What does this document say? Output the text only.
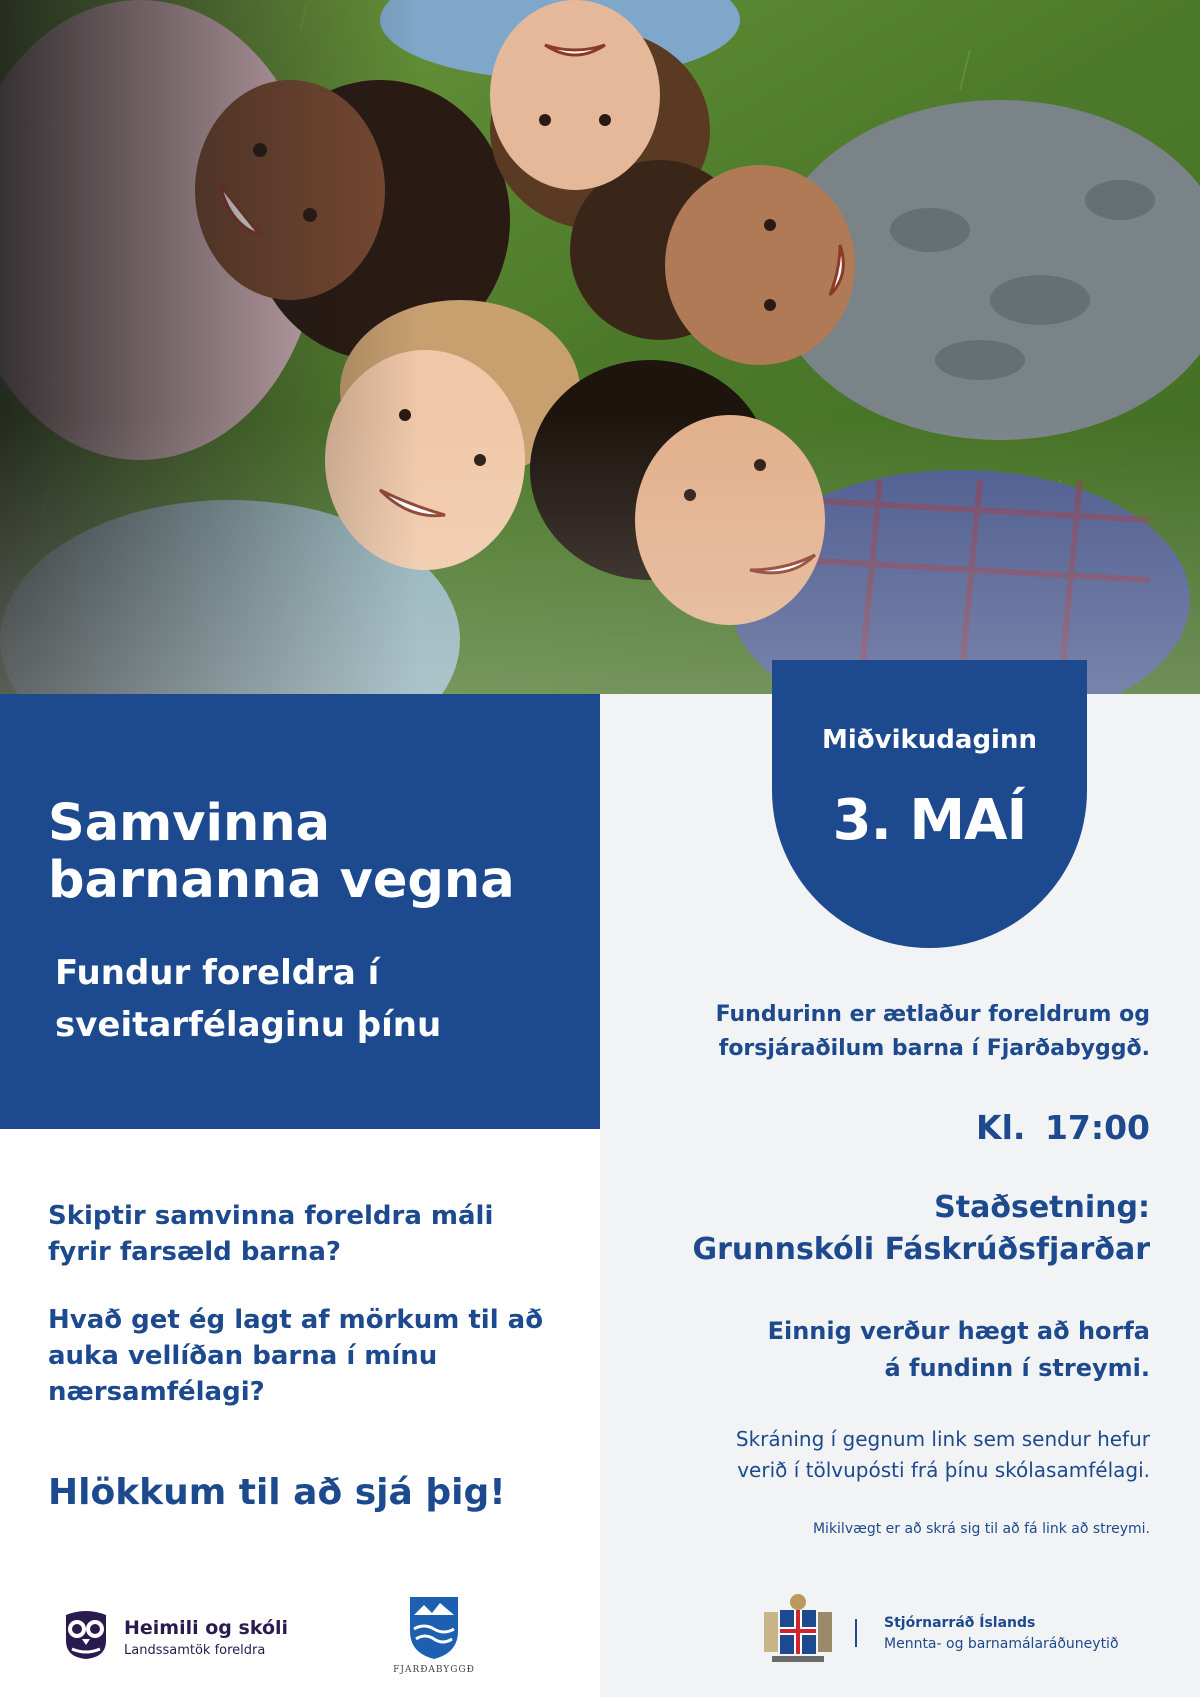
Samvinna
barnanna vegna
Fundur foreldra í
sveitarfélaginu þínu
Miðvikudaginn
3. MAÍ
Fundurinn er ætlaður foreldrum og
forsjáraðilum barna í Fjarðabyggð.
Kl. 17:00
Staðsetning:
Grunnskóli Fáskrúðsfjarðar
Einnig verður hægt að horfa
á fundinn í streymi.
Skráning í gegnum link sem sendur hefur
verið í tölvupósti frá þínu skólasamfélagi.
Mikilvægt er að skrá sig til að fá link að streymi.
Skiptir samvinna foreldra máli
fyrir farsæld barna?
Hvað get ég lagt af mörkum til að
auka vellíðan barna í mínu
nærsamfélagi?
Hlökkum til að sjá þig!
Heimili og skóli
Landssamtök foreldra
FJARÐABYGGÐ
Stjórnarráð Íslands
Mennta- og barnamálaráðuneytið
